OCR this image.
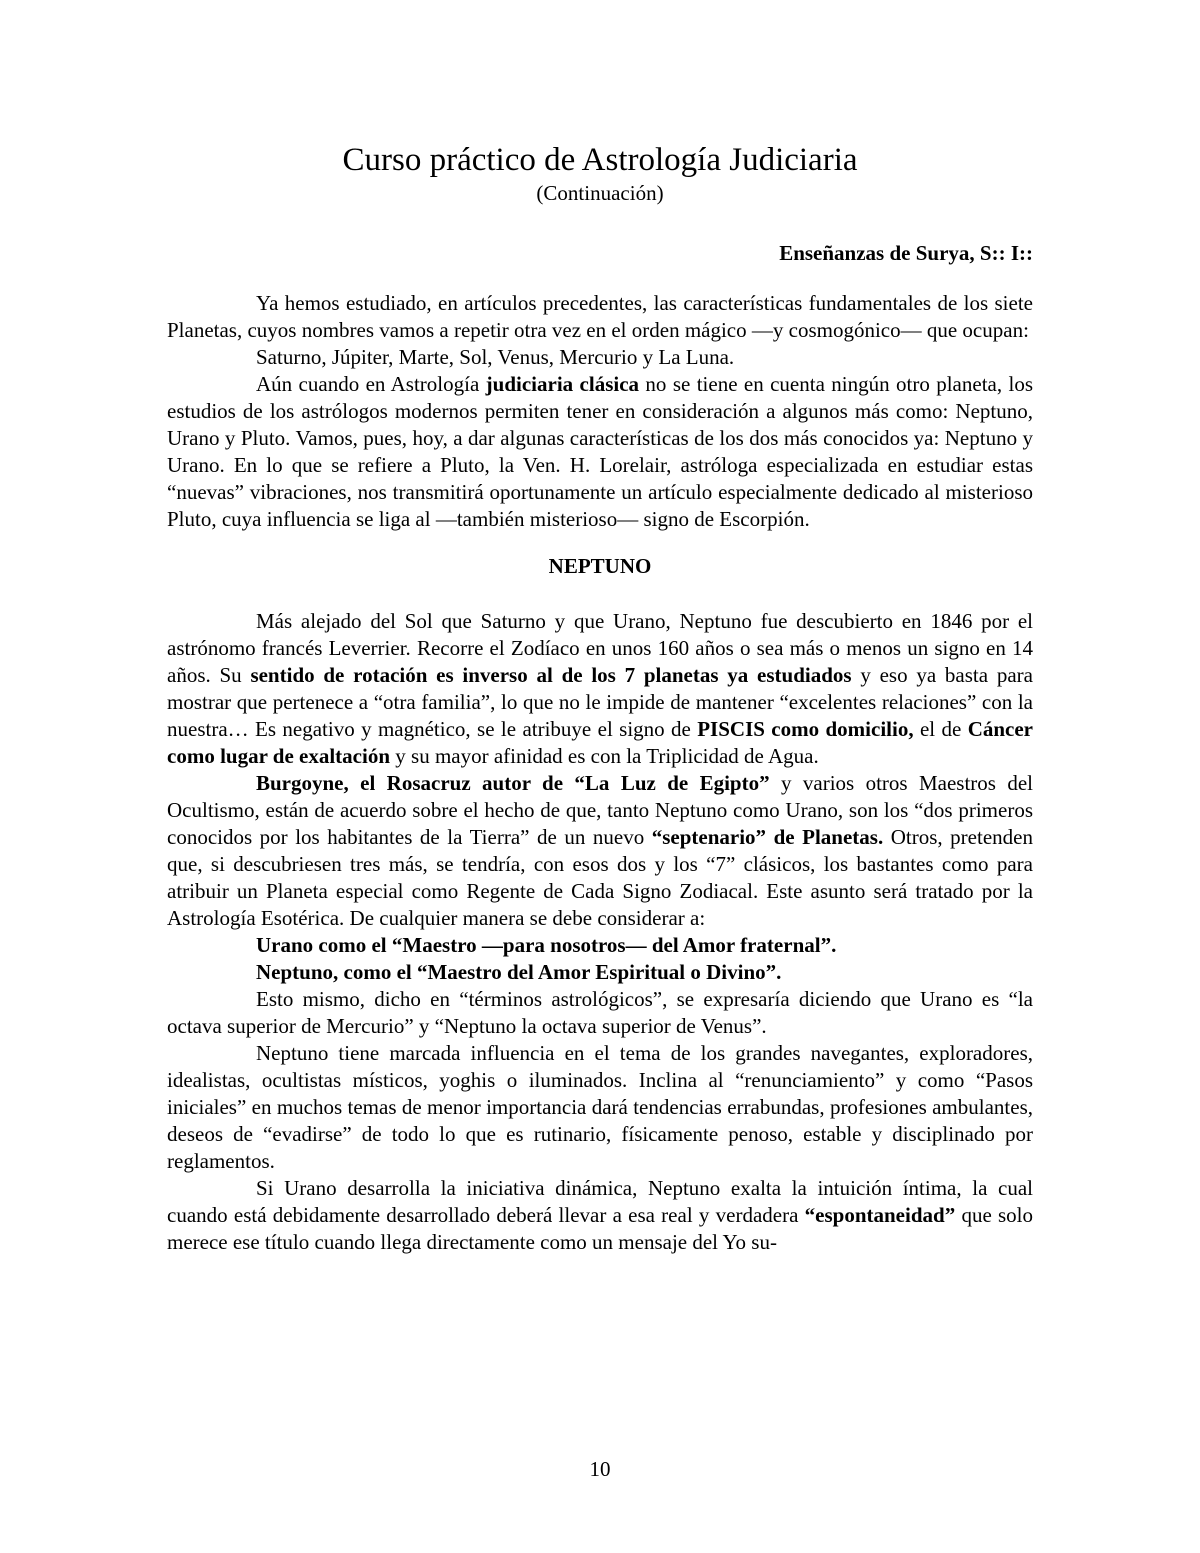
Curso práctico de Astrología Judiciaria
(Continuación)
Enseñanzas de Surya, S:: I::

Ya hemos estudiado, en artículos precedentes, las características fundamentales de los siete Planetas, cuyos nombres vamos a repetir otra vez en el orden mágico —y cosmogónico— que ocupan:

Saturno, Júpiter, Marte, Sol, Venus, Mercurio y La Luna.

Aún cuando en Astrología judiciaria clásica no se tiene en cuenta ningún otro planeta, los estudios de los astrólogos modernos permiten tener en consideración a algunos más como: Neptuno, Urano y Pluto. Vamos, pues, hoy, a dar algunas características de los dos más conocidos ya: Neptuno y Urano. En lo que se refiere a Pluto, la Ven. H. Lorelair, astróloga especializada en estudiar estas “nuevas” vibraciones, nos transmitirá oportunamente un artículo especialmente dedicado al misterioso Pluto, cuya influencia se liga al —también misterioso— signo de Escorpión.

NEPTUNO

Más alejado del Sol que Saturno y que Urano, Neptuno fue descubierto en 1846 por el astrónomo francés Leverrier. Recorre el Zodíaco en unos 160 años o sea más o menos un signo en 14 años. Su sentido de rotación es inverso al de los 7 planetas ya estudiados y eso ya basta para mostrar que pertenece a “otra familia”, lo que no le impide de mantener “excelentes relaciones” con la nuestra… Es negativo y magnético, se le atribuye el signo de PISCIS como domicilio, el de Cáncer como lugar de exaltación y su mayor afinidad es con la Triplicidad de Agua.

Burgoyne, el Rosacruz autor de “La Luz de Egipto” y varios otros Maestros del Ocultismo, están de acuerdo sobre el hecho de que, tanto Neptuno como Urano, son los “dos primeros conocidos por los habitantes de la Tierra” de un nuevo “septenario” de Planetas. Otros, pretenden que, si descubriesen tres más, se tendría, con esos dos y los “7” clásicos, los bastantes como para atribuir un Planeta especial como Regente de Cada Signo Zodiacal. Este asunto será tratado por la Astrología Esotérica. De cualquier manera se debe considerar a:

Urano como el “Maestro —para nosotros— del Amor fraternal”.

Neptuno, como el “Maestro del Amor Espiritual o Divino”.

Esto mismo, dicho en “términos astrológicos”, se expresaría diciendo que Urano es “la octava superior de Mercurio” y “Neptuno la octava superior de Venus”.

Neptuno tiene marcada influencia en el tema de los grandes navegantes, exploradores, idealistas, ocultistas místicos, yoghis o iluminados. Inclina al “renunciamiento” y como “Pasos iniciales” en muchos temas de menor importancia dará tendencias errabundas, profesiones ambulantes, deseos de “evadirse” de todo lo que es rutinario, físicamente penoso, estable y disciplinado por reglamentos.

Si Urano desarrolla la iniciativa dinámica, Neptuno exalta la intuición íntima, la cual cuando está debidamente desarrollado deberá llevar a esa real y verdadera “espontaneidad” que solo merece ese título cuando llega directamente como un mensaje del Yo su-

10
